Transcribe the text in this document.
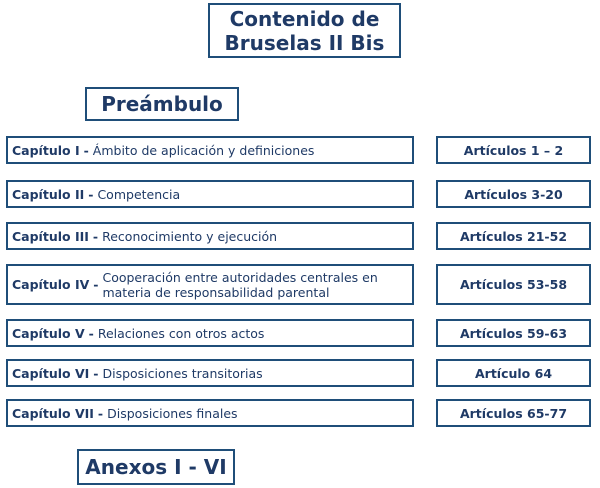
Contenido de Bruselas II Bis
Preámbulo
Capítulo I - Ámbito de aplicación y definiciones	Artículos 1 – 2
Capítulo II - Competencia	Artículos 3-20
Capítulo III - Reconocimiento y ejecución	Artículos 21-52
Capítulo IV - Cooperación entre autoridades centrales en materia de responsabilidad parental	Artículos 53-58
Capítulo V - Relaciones con otros actos	Artículos 59-63
Capítulo VI - Disposiciones transitorias	Artículo 64
Capítulo VII - Disposiciones finales	Artículos 65-77
Anexos I - VI
